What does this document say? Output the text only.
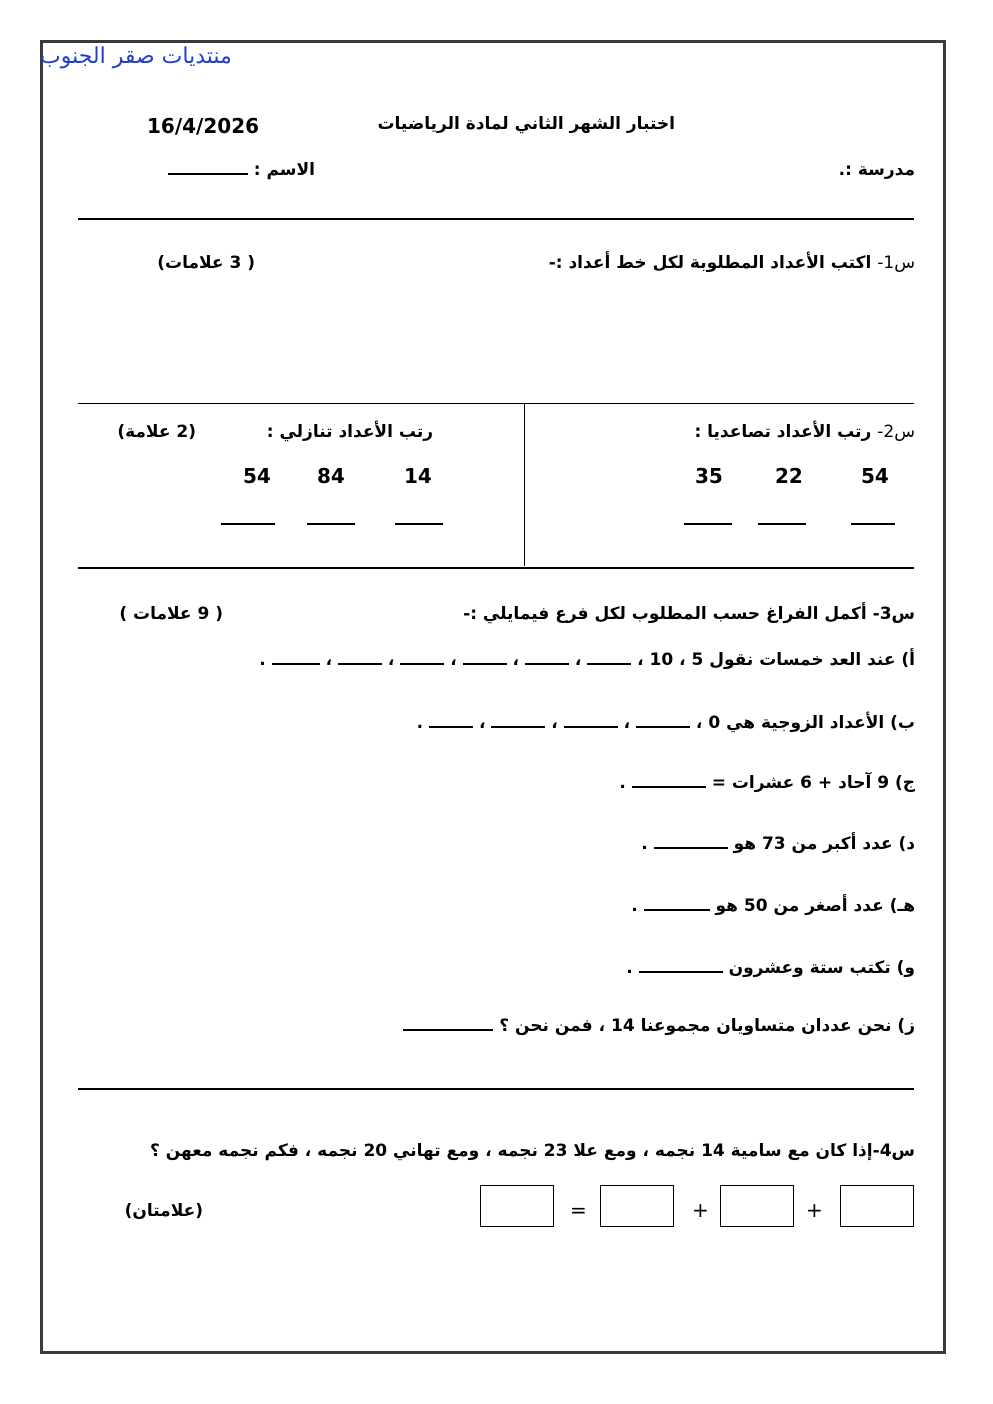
منتديات صقر الجنوب
16/4/2026	اختبار الشهر الثاني لمادة الرياضيات
مدرسة :.
الاسم :
س1- اكتب الأعداد المطلوبة لكل خط أعداد :-
( 3 علامات)
س2- رتب الأعداد تصاعديا :
54
22
35
رتب الأعداد تنازلي :
(2 علامة)
14
84
54
س3- أكمل الفراغ حسب المطلوب لكل فرع فيمايلي :-
( 9 علامات )
أ) عند العد خمسات نقول 5 ، 10 ،  ،  ،  ،  ،  ،  .
ب) الأعداد الزوجية هي 0 ،  ،  ،  ،  .
ج) 9 آحاد + 6 عشرات =  .
د) عدد أكبر من 73 هو  .
هـ) عدد أصغر من 50 هو  .
و) تكتب ستة وعشرون  .
ز) نحن عددان متساويان مجموعنا 14 ، فمن نحن ؟
س4-إذا كان مع سامية 14 نجمه ، ومع علا 23 نجمه ، ومع تهاني 20 نجمه ، فكم نجمه معهن ؟
(علامتان)	+
+
=
